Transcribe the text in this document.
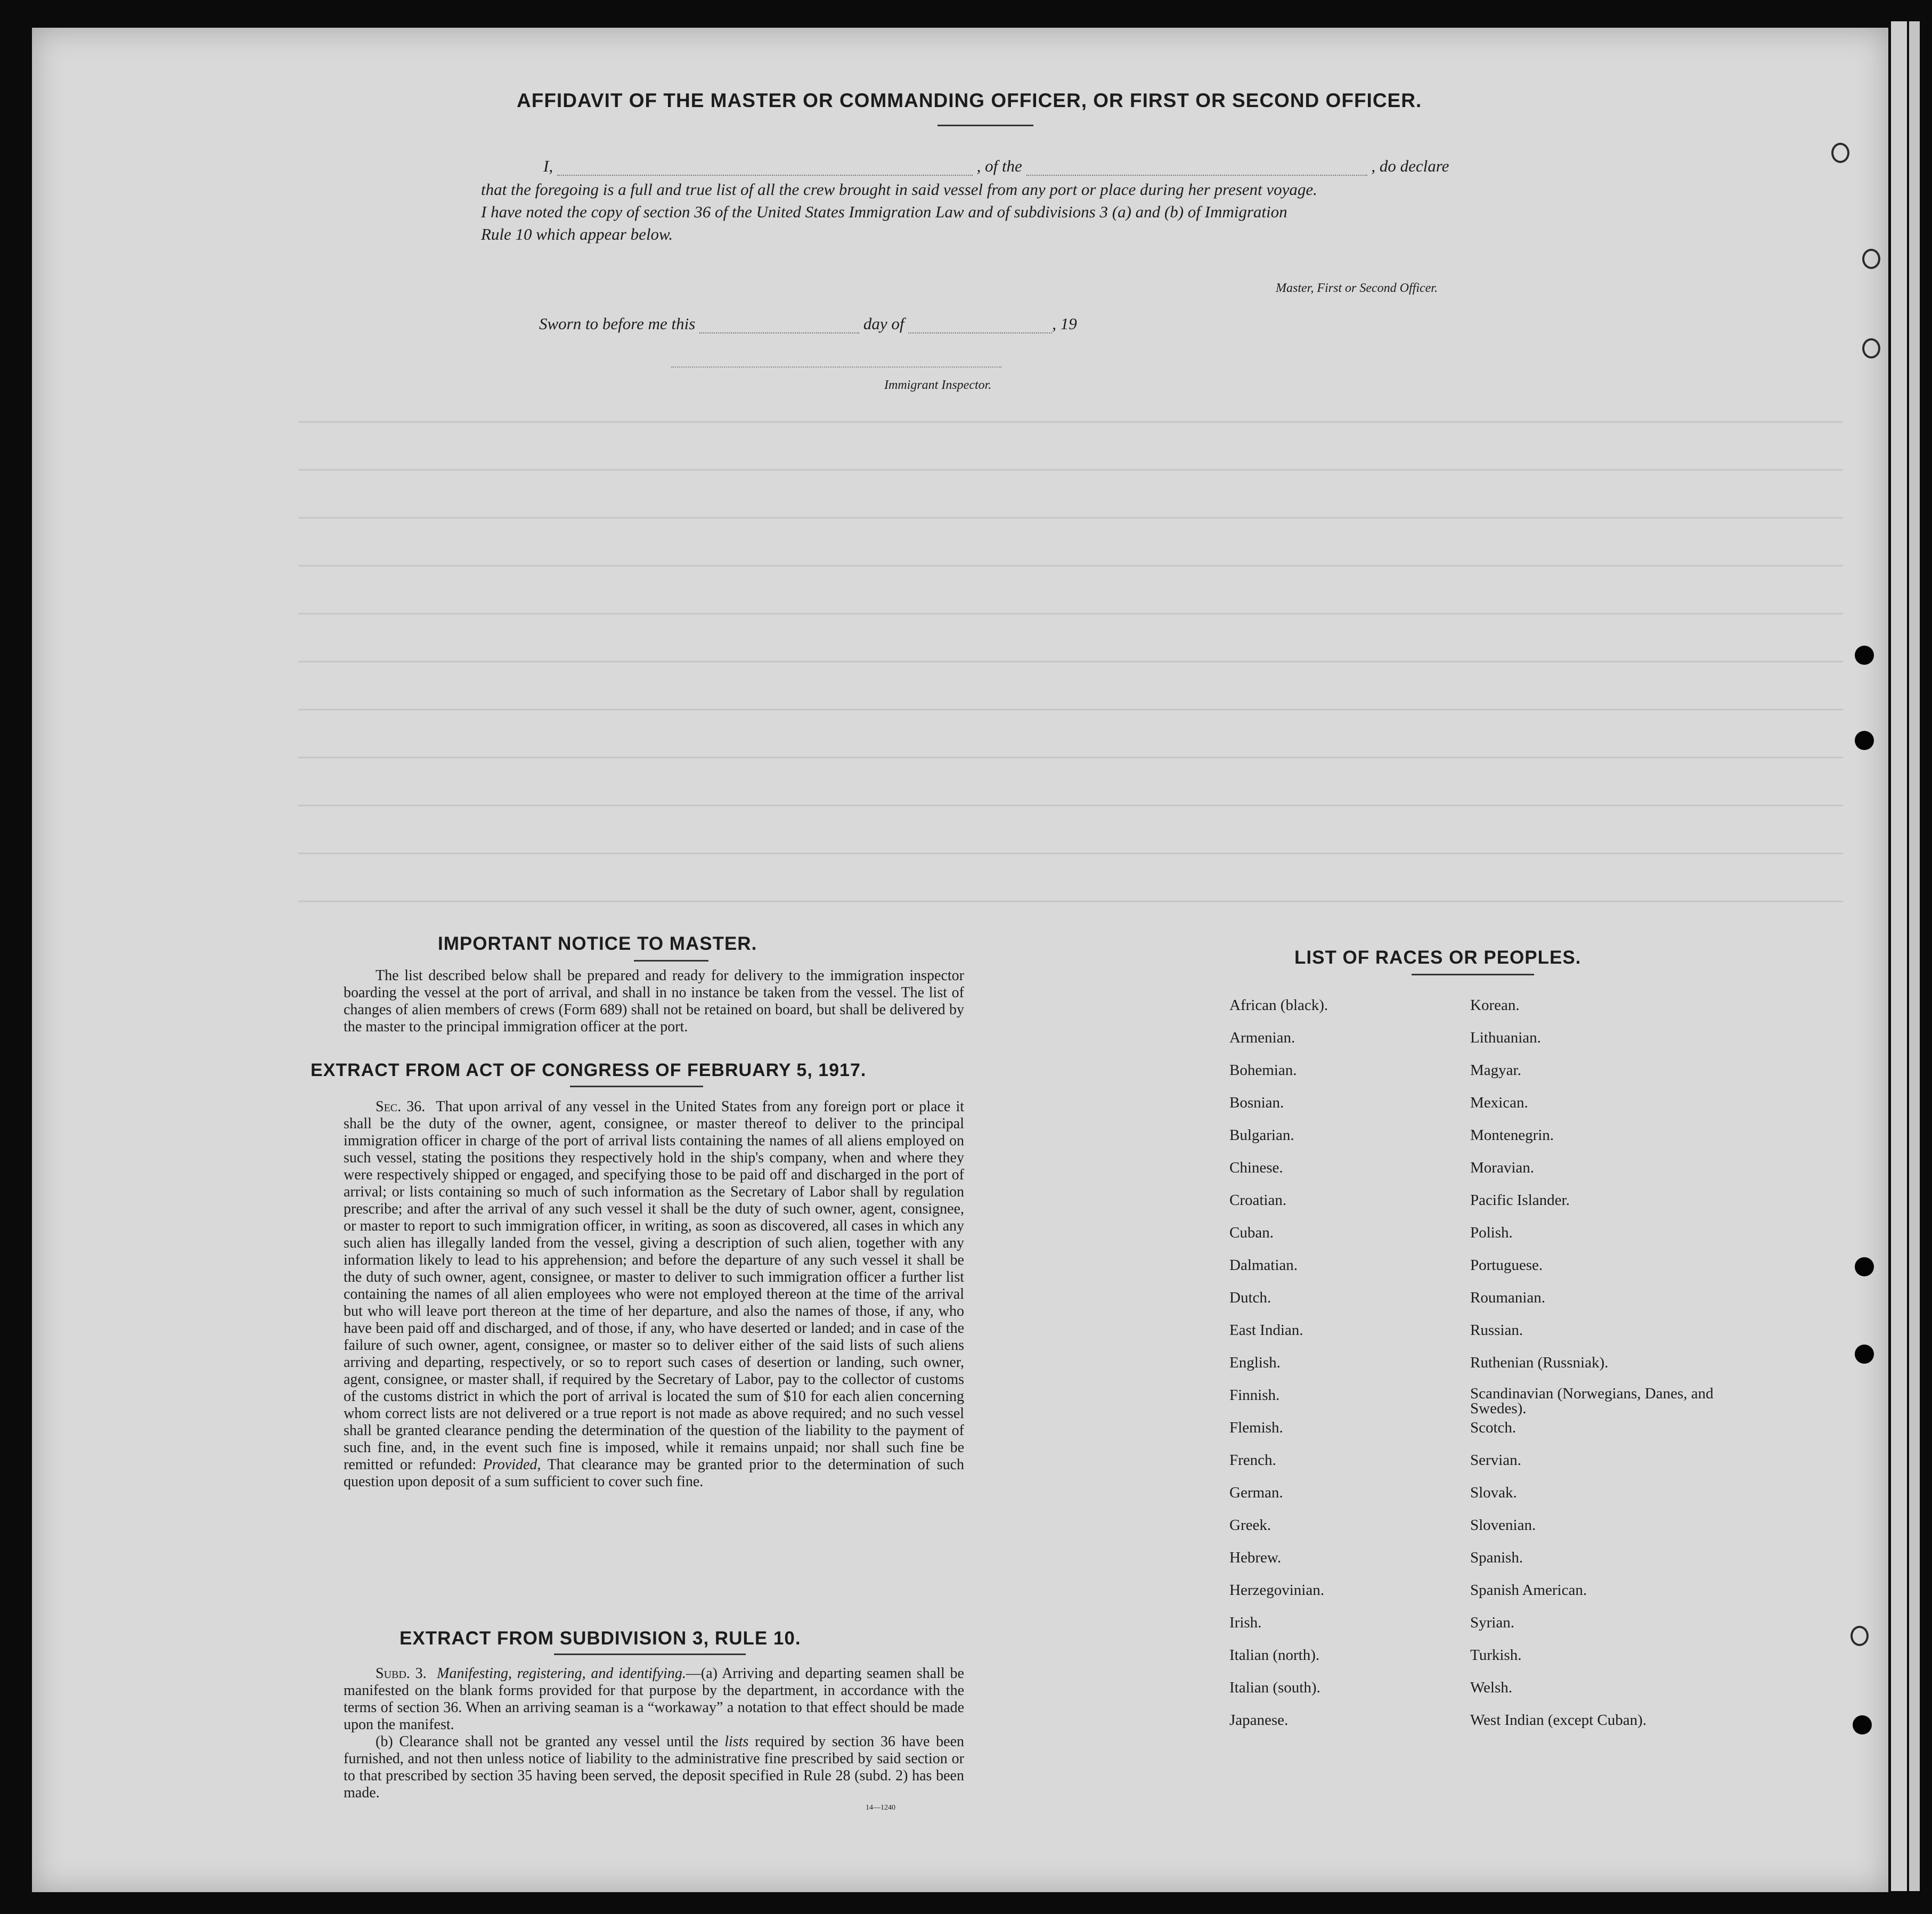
AFFIDAVIT OF THE MASTER OR COMMANDING OFFICER, OR FIRST OR SECOND OFFICER.
I,	, of the	, do declare
that the foregoing is a full and true list of all the crew brought in said vessel from any port or place during her present voyage.
I have noted the copy of section 36 of the United States Immigration Law and of subdivisions 3 (a) and (b) of Immigration
Rule 10 which appear below.
Master, First or Second Officer.
Sworn to before me this	day of	, 19
Immigrant Inspector.
IMPORTANT NOTICE TO MASTER.

The list described below shall be prepared and ready for delivery to the immigration inspector boarding the vessel at the port of arrival, and shall in no instance be taken from the vessel. The list of changes of alien members of crews (Form 689) shall not be retained on board, but shall be delivered by the master to the principal immigration officer at the port.

EXTRACT FROM ACT OF CONGRESS OF FEBRUARY 5, 1917.

Sec. 36. That upon arrival of any vessel in the United States from any foreign port or place it shall be the duty of the owner, agent, consignee, or master thereof to deliver to the principal immigration officer in charge of the port of arrival lists containing the names of all aliens employed on such vessel, stating the positions they respectively hold in the ship's company, when and where they were respectively shipped or engaged, and specifying those to be paid off and discharged in the port of arrival; or lists containing so much of such information as the Secretary of Labor shall by regulation prescribe; and after the arrival of any such vessel it shall be the duty of such owner, agent, consignee, or master to report to such immigration officer, in writing, as soon as discovered, all cases in which any such alien has illegally landed from the vessel, giving a description of such alien, together with any information likely to lead to his apprehension; and before the departure of any such vessel it shall be the duty of such owner, agent, consignee, or master to deliver to such immigration officer a further list containing the names of all alien employees who were not employed thereon at the time of the arrival but who will leave port thereon at the time of her departure, and also the names of those, if any, who have been paid off and discharged, and of those, if any, who have deserted or landed; and in case of the failure of such owner, agent, consignee, or master so to deliver either of the said lists of such aliens arriving and departing, respectively, or so to report such cases of desertion or landing, such owner, agent, consignee, or master shall, if required by the Secretary of Labor, pay to the collector of customs of the customs district in which the port of arrival is located the sum of $10 for each alien concerning whom correct lists are not delivered or a true report is not made as above required; and no such vessel shall be granted clearance pending the determination of the question of the liability to the payment of such fine, and, in the event such fine is imposed, while it remains unpaid; nor shall such fine be remitted or refunded: Provided, That clearance may be granted prior to the determination of such question upon deposit of a sum sufficient to cover such fine.

EXTRACT FROM SUBDIVISION 3, RULE 10.

Subd. 3. Manifesting, registering, and identifying.—(a) Arriving and departing seamen shall be manifested on the blank forms provided for that purpose by the department, in accordance with the terms of section 36. When an arriving seaman is a “workaway” a notation to that effect should be made upon the manifest.

(b) Clearance shall not be granted any vessel until the lists required by section 36 have been furnished, and not then unless notice of liability to the administrative fine prescribed by said section or to that prescribed by section 35 having been served, the deposit specified in Rule 28 (subd. 2) has been made.

14—1240
LIST OF RACES OR PEOPLES.
African (black).
Armenian.
Bohemian.
Bosnian.
Bulgarian.
Chinese.
Croatian.
Cuban.
Dalmatian.
Dutch.
East Indian.
English.
Finnish.
Flemish.
French.
German.
Greek.
Hebrew.
Herzegovinian.
Irish.
Italian (north).
Italian (south).
Japanese.
Korean.
Lithuanian.
Magyar.
Mexican.
Montenegrin.
Moravian.
Pacific Islander.
Polish.
Portuguese.
Roumanian.
Russian.
Ruthenian (Russniak).
Scandinavian (Norwegians, Danes, and Swedes).
Scotch.
Servian.
Slovak.
Slovenian.
Spanish.
Spanish American.
Syrian.
Turkish.
Welsh.
West Indian (except Cuban).
